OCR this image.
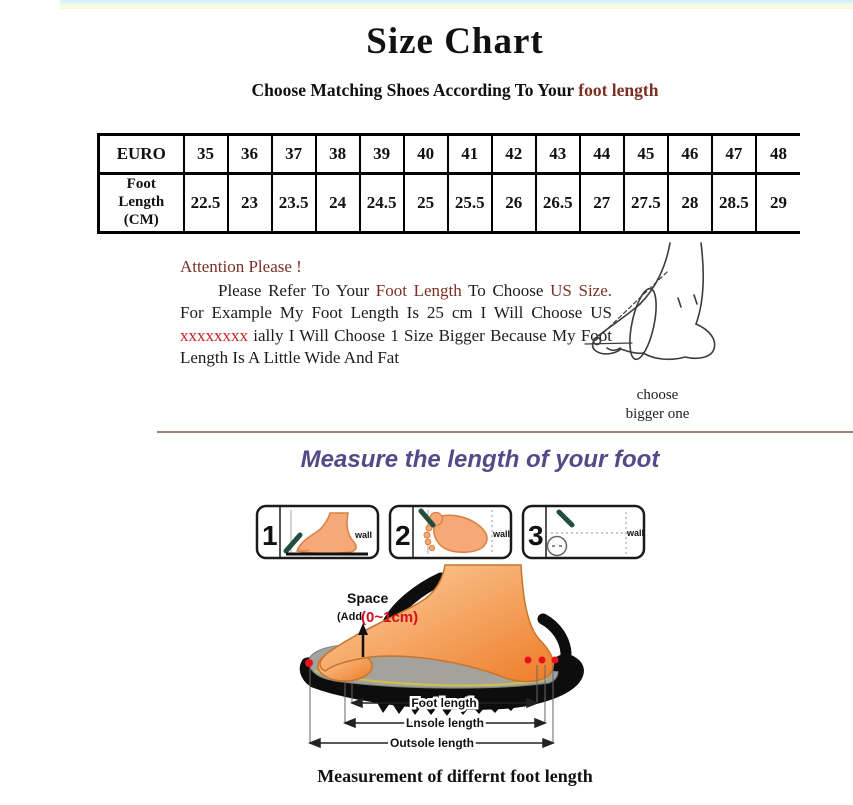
Size Chart
Choose Matching Shoes According To Your foot length
EURO	35	36	37	38	39	40	41	42	43	44	45	46	47	48

Foot
Length
(CM)	22.5	23	23.5	24	24.5	25	25.5	26	26.5	27	27.5	28	28.5	29
Attention Please !
Please Refer To Your Foot Length To Choose US Size. For Example My Foot Length Is 25 cm I Will Choose US xxxxxxxx ially I Will Choose 1 Size Bigger Because My Foot Length Is A Little Wide And Fat
choose
bigger one
Measure the length of your foot
1	wall 2	wall 3	wall
Space
(Add
(0~1cm)
Foot length
Lnsole length
Outsole length
Measurement of differnt foot length
